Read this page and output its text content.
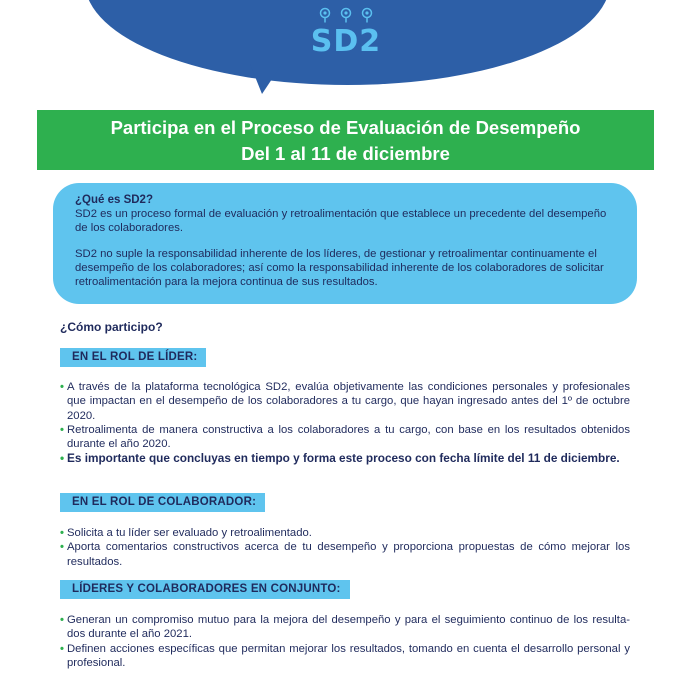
SD2
Participa en el Proceso de Evaluación de Desempeño
Del 1 al 11 de diciembre
¿Qué es SD2?

SD2 es un proceso formal de evaluación y retroalimentación que establece un precedente del desempeño de los colaboradores.

SD2 no suple la responsabilidad inherente de los líderes, de gestionar y retroalimentar continuamente el desempeño de los colaboradores; así como la responsabilidad inherente de los colaboradores de solicitar retroalimentación para la mejora continua de sus resultados.

¿Cómo participo?
EN EL ROL DE LÍDER:
• A través de la plataforma tecnológica SD2, evalúa objetivamente las condiciones personales y profesionales que impactan en el desempeño de los colaboradores a tu cargo, que hayan ingresado antes del 1º de octubre 2020.
• Retroalimenta de manera constructiva a los colaboradores a tu cargo, con base en los resultados obtenidos durante el año 2020.
• Es importante que concluyas en tiempo y forma este proceso con fecha límite del 11 de diciembre.
EN EL ROL DE COLABORADOR:
• Solicita a tu líder ser evaluado y retroalimentado.
• Aporta comentarios constructivos acerca de tu desempeño y proporciona propuestas de cómo mejorar los resultados.
LÍDERES Y COLABORADORES EN CONJUNTO:
• Generan un compromiso mutuo para la mejora del desempeño y para el seguimiento continuo de los resulta-dos durante el año 2021.
• Definen acciones específicas que permitan mejorar los resultados, tomando en cuenta el desarrollo personal y profesional.
